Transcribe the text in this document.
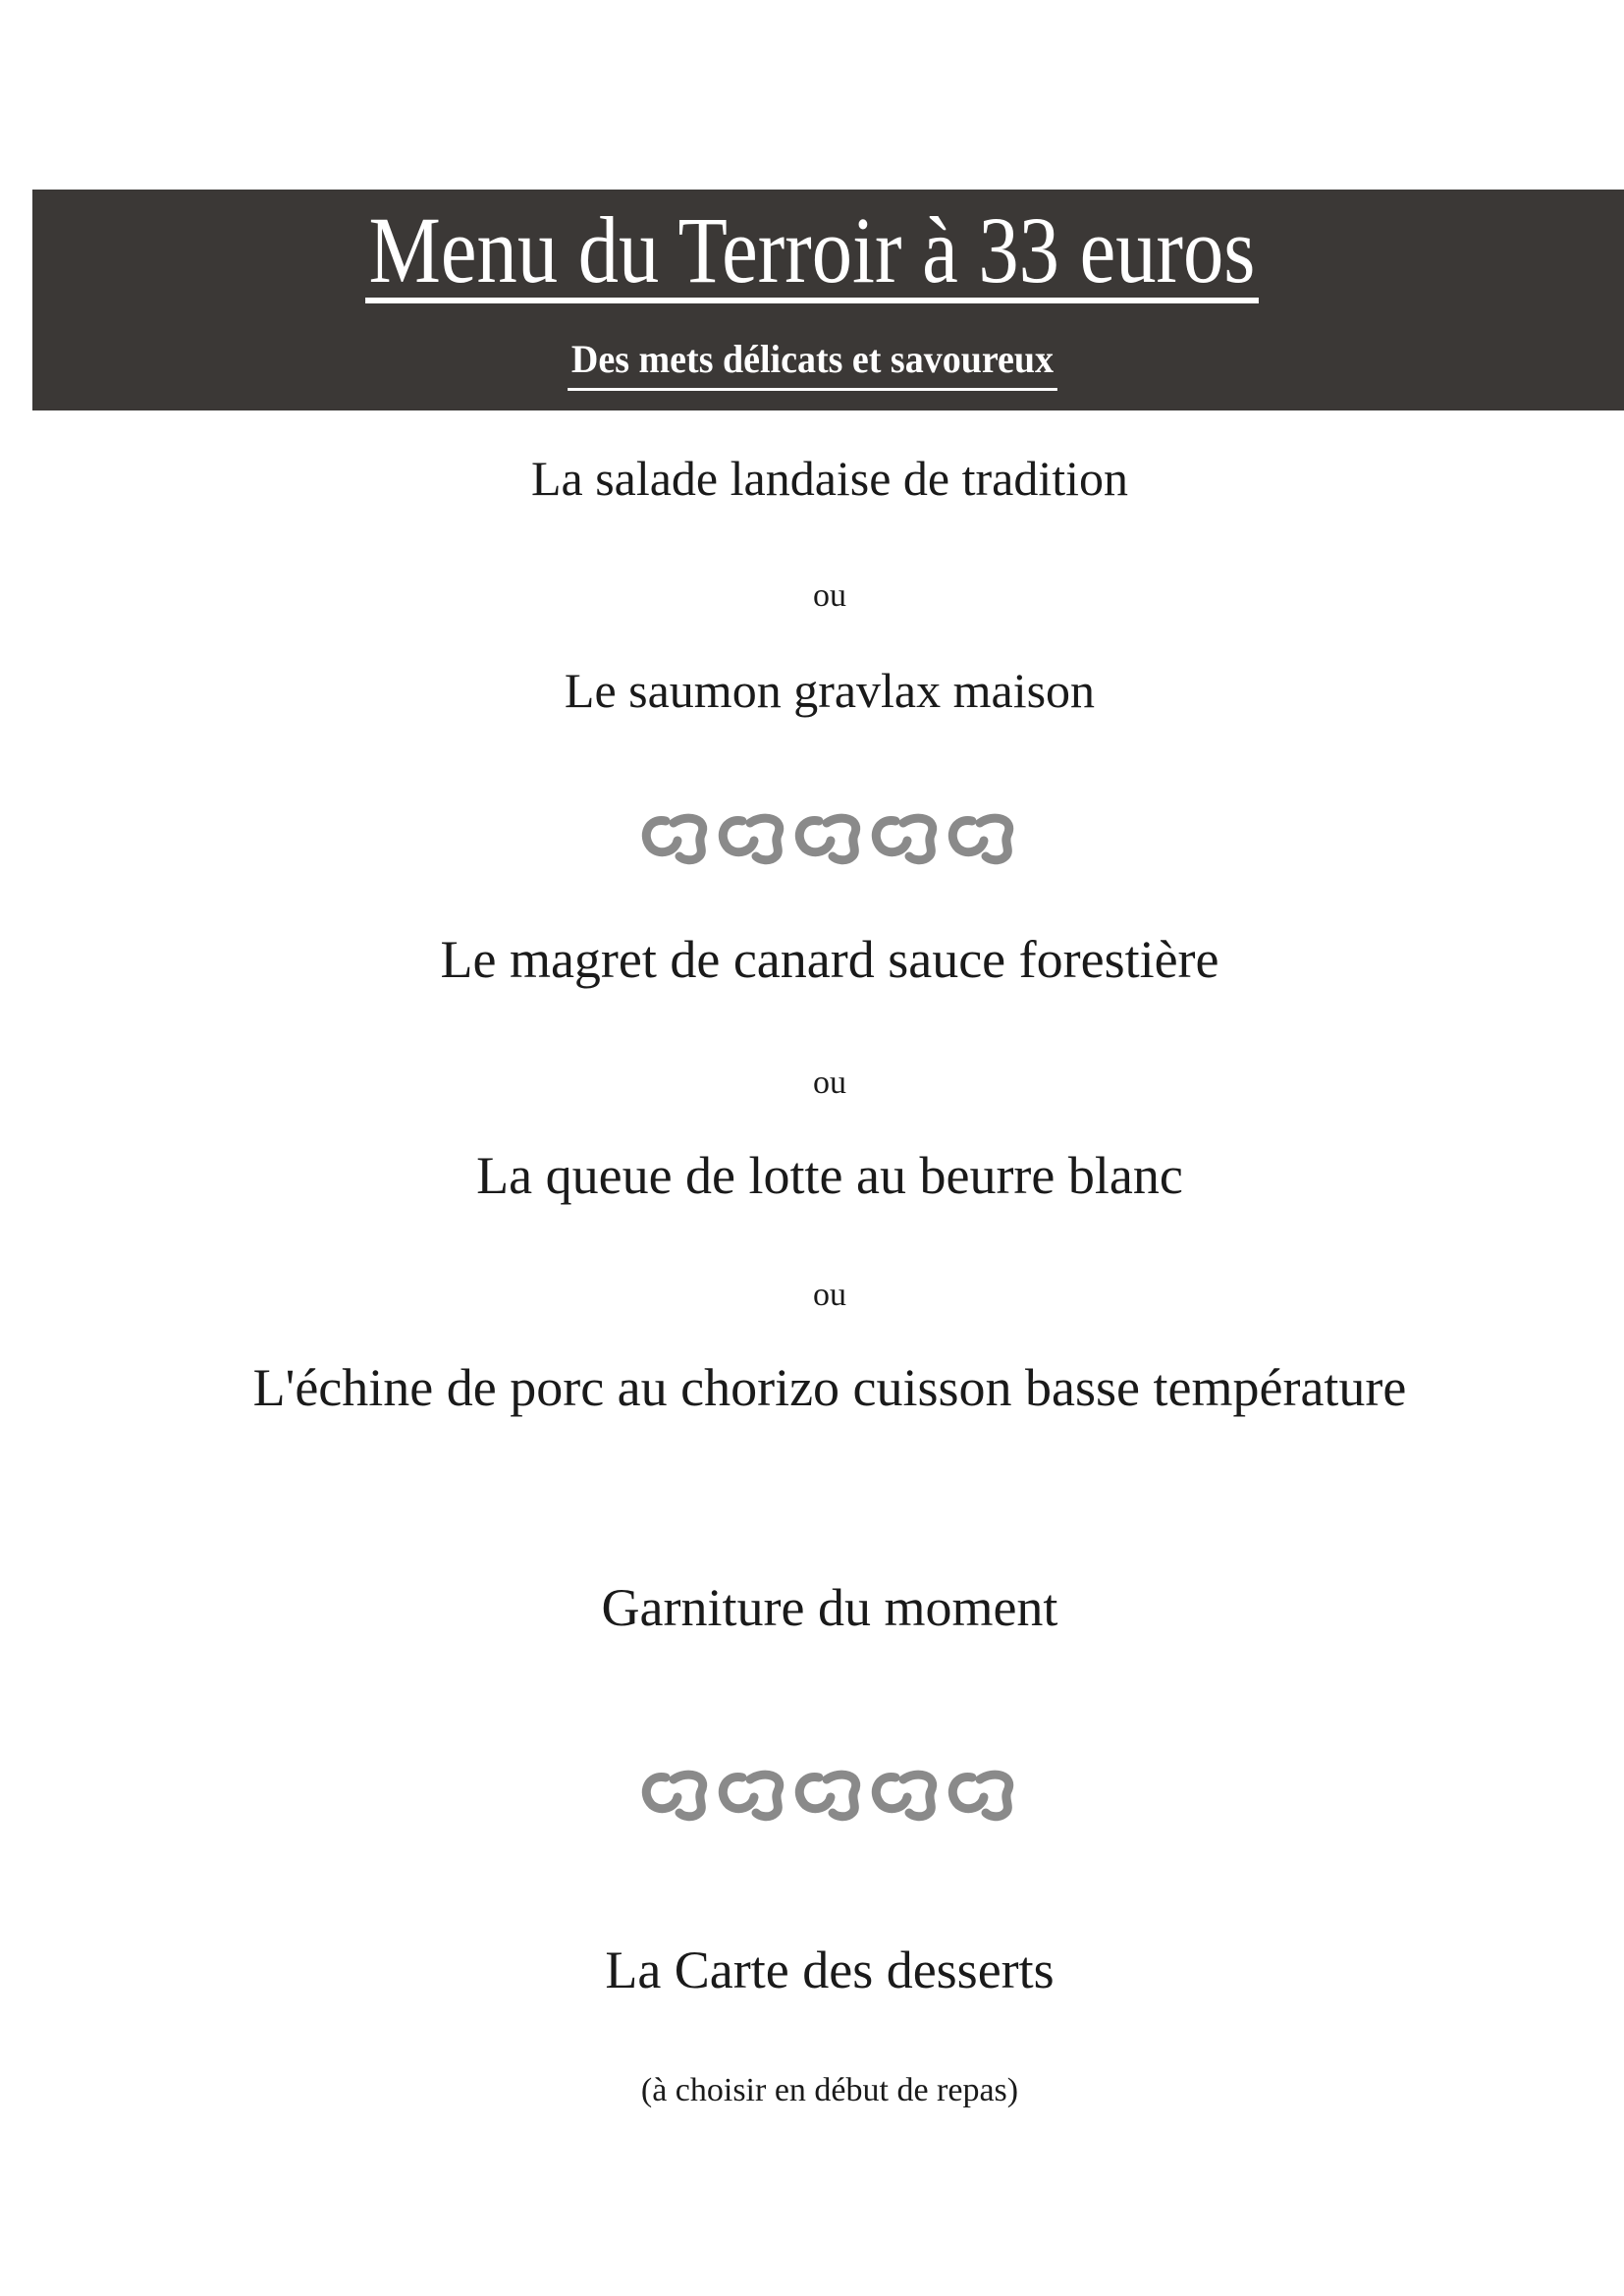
Menu du Terroir à 33 euros
Des mets délicats et savoureux
La salade landaise de tradition
ou
Le saumon gravlax maison
Le magret de canard sauce forestière
ou
La queue de lotte au beurre blanc
ou
L'échine de porc au chorizo cuisson basse température
Garniture du moment
La Carte des desserts
(à choisir en début de repas)
